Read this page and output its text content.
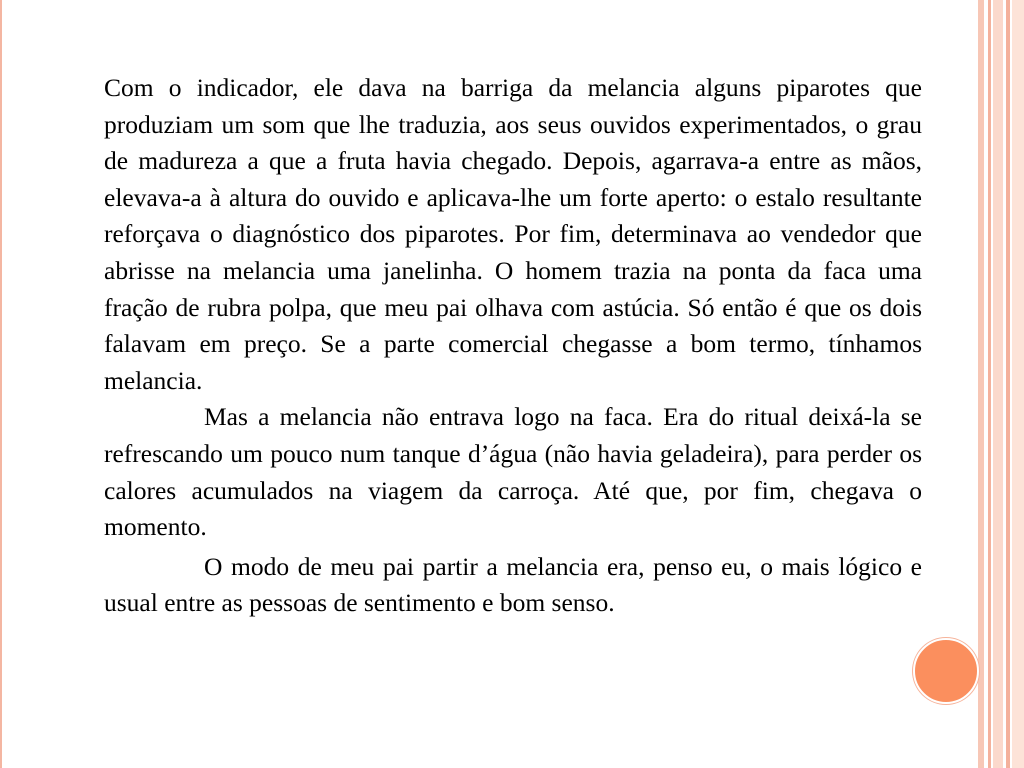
Com o indicador, ele dava na barriga da melancia alguns piparotes que produziam um som que lhe traduzia, aos seus ouvidos experimentados, o grau de madureza a que a fruta havia chegado. Depois, agarrava-a entre as mãos, elevava-a à altura do ouvido e aplicava-lhe um forte aperto: o estalo resultante reforçava o diagnóstico dos piparotes. Por fim, determinava ao vendedor que abrisse na melancia uma janelinha. O homem trazia na ponta da faca uma fração de rubra polpa, que meu pai olhava com astúcia. Só então é que os dois falavam em preço. Se a parte comercial chegasse a bom termo, tínhamos melancia.

Mas a melancia não entrava logo na faca. Era do ritual deixá-la se refrescando um pouco num tanque d’água (não havia geladeira), para perder os calores acumulados na viagem da carroça. Até que, por fim, chegava o momento.

O modo de meu pai partir a melancia era, penso eu, o mais lógico e usual entre as pessoas de sentimento e bom senso.
